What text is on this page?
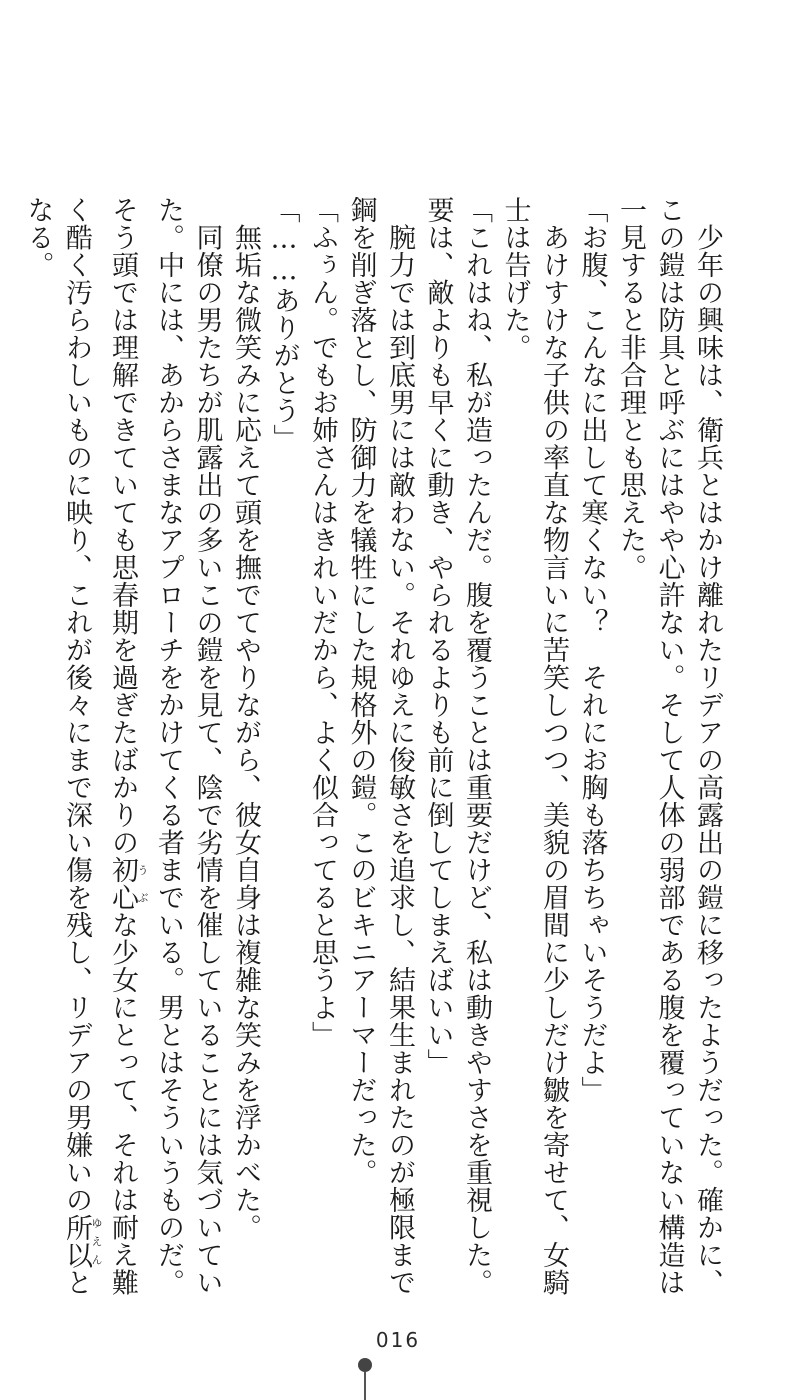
　少年の興味は、衛兵とはかけ離れたリデアの高露出の鎧に移ったようだった。確かに、

この鎧は防具と呼ぶにはやや心許ない。そして人体の弱部である腹を覆っていない構造は

一見すると非合理とも思えた。

「お腹、こんなに出して寒くない？　それにお胸も落ちちゃいそうだよ」

　あけすけな子供の率直な物言いに苦笑しつつ、美貌の眉間に少しだけ皺を寄せて、女騎

士は告げた。

「これはね、私が造ったんだ。腹を覆うことは重要だけど、私は動きやすさを重視した。

要は、敵よりも早くに動き、やられるよりも前に倒してしまえばいい」

　腕力では到底男には敵わない。それゆえに俊敏さを追求し、結果生まれたのが極限まで

鋼を削ぎ落とし、防御力を犠牲にした規格外の鎧。このビキニアーマーだった。

「ふぅん。でもお姉さんはきれいだから、よく似合ってると思うよ」

「……ありがとう」

　無垢な微笑みに応えて頭を撫でてやりながら、彼女自身は複雑な笑みを浮かべた。

　同僚の男たちが肌露出の多いこの鎧を見て、陰で劣情を催していることには気づいてい

た。中には、あからさまなアプローチをかけてくる者までいる。男とはそういうものだ。

そう頭では理解できていても思春期を過ぎたばかりの初心うぶな少女にとって、それは耐え難

く酷く汚らわしいものに映り、これが後々にまで深い傷を残し、リデアの男嫌いの所以ゆえんと

なる。

016
